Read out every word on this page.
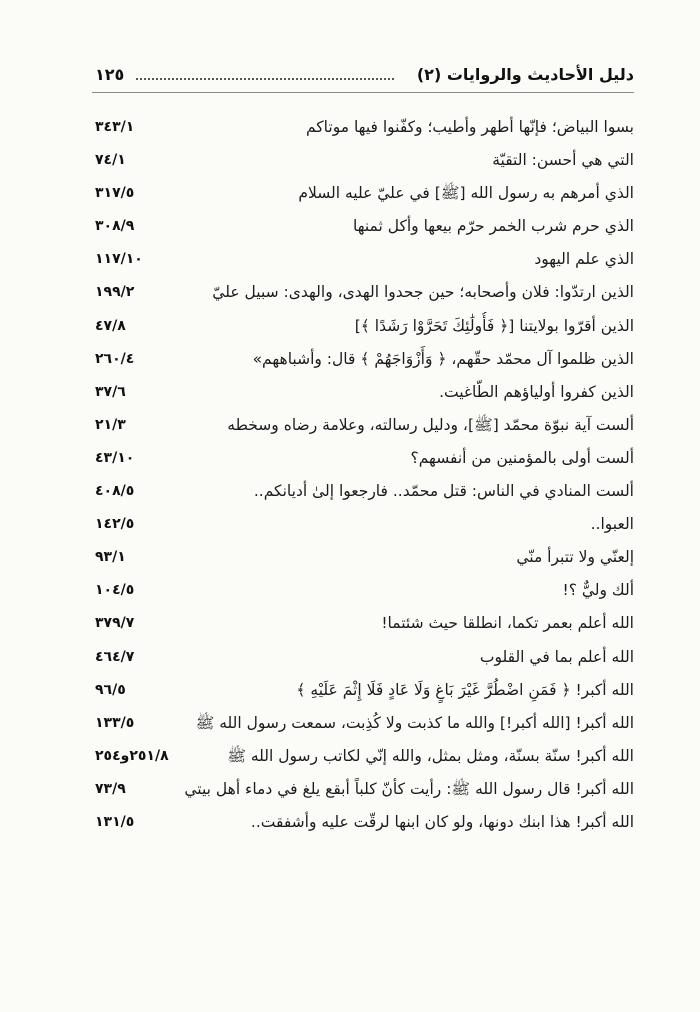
دليل الأحاديث والروايات (٢)
١٢٥
بسوا البياض؛ فإنّها أطهر وأطيب؛ وكفّنوا فيها موتاكم
٣٤٣/١
التي هي أحسن: التقيّة
٧٤/١
الذي أمرهم به رسول الله [ﷺ] في عليّ عليه السلام
٣١٧/٥
الذي حرم شرب الخمر حرّم بيعها وأكل ثمنها
٣٠٨/٩
الذي علم اليهود
١١٧/١٠
الذين ارتدّوا: فلان وأصحابه؛ حين جحدوا الهدى، والهدى: سبيل عليّ
١٩٩/٢
الذين أقرّوا بولايتنا [﴿ فَأُولَٰئِكَ تَحَرَّوْا رَشَدًا ﴾]
٤٧/٨
الذين ظلموا آل محمّد حقّهم، ﴿ وَأَزْوَاجَهُمْ ﴾ قال: وأشباههم»
٢٦٠/٤
الذين كفروا أولياؤهم الطّاغيت.
٣٧/٦
ألست آية نبوّة محمّد [ﷺ]، ودليل رسالته، وعلامة رضاه وسخطه
٢١/٣
ألست أولى بالمؤمنين من أنفسهم؟
٤٣/١٠
ألست المنادي في الناس: قتل محمّد.. فارجعوا إلىٰ أديانكم..
٤٠٨/٥
العبوا..
١٤٢/٥
إلعنّي ولا تتبرأ منّي
٩٣/١
ألك وليٌّ ؟!
١٠٤/٥
الله أعلم بعمر تكما، انطلقا حيث شئتما!
٣٧٩/٧
الله أعلم بما في القلوب
٤٦٤/٧
الله أكبر! ﴿ فَمَنِ اضْطُرَّ غَيْرَ بَاغٍ وَلَا عَادٍ فَلَا إِثْمَ عَلَيْهِ ﴾
٩٦/٥
الله أكبر! [الله أكبر!] والله ما كذبت ولا كُذِبت، سمعت رسول الله ﷺ
١٣٣/٥
الله أكبر! سنّة بسنّة، ومثل بمثل، والله إنّي لكاتب رسول الله ﷺ
٢٥١/٨و٢٥٤
الله أكبر! قال رسول الله ﷺ: رأيت كأنّ كلباً أبقع يلغ في دماء أهل بيتي
٧٣/٩
الله أكبر! هذا ابنك دونها، ولو كان ابنها لرقّت عليه وأشفقت..
١٣١/٥
